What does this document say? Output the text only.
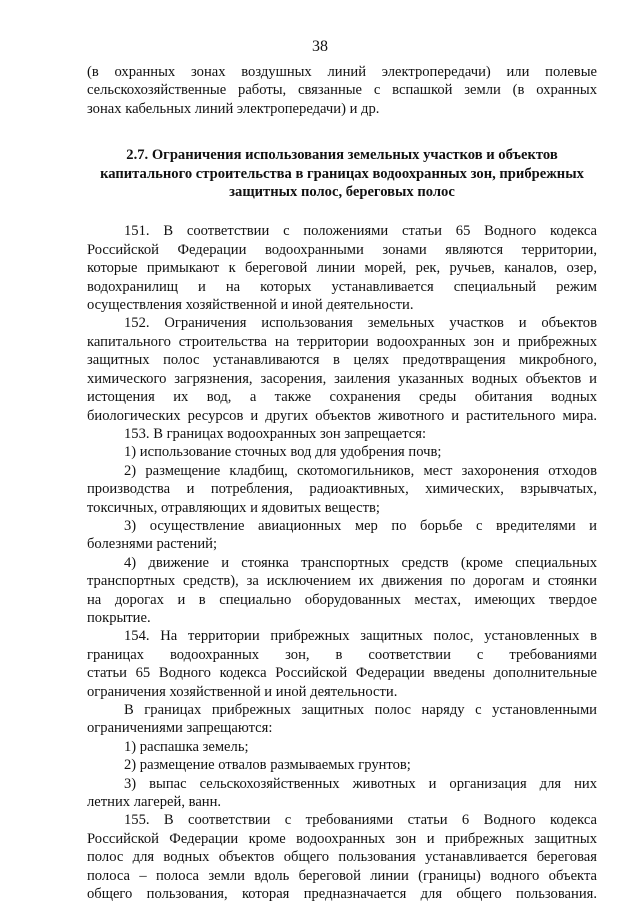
38
(в охранных зонах воздушных линий электропередачи) или полевые
сельскохозяйственные работы, связанные с вспашкой земли (в охранных
зонах кабельных линий электропередачи) и др.
2.7. Ограничения использования земельных участков и объектов
капитального строительства в границах водоохранных зон, прибрежных
защитных полос, береговых полос
151. В соответствии с положениями статьи 65 Водного кодекса
Российской Федерации водоохранными зонами являются территории,
которые примыкают к береговой линии морей, рек, ручьев, каналов, озер,
водохранилищ и на которых устанавливается специальный режим
осуществления хозяйственной и иной деятельности.
152. Ограничения использования земельных участков и объектов
капитального строительства на территории водоохранных зон и прибрежных
защитных полос устанавливаются в целях предотвращения микробного,
химического загрязнения, засорения, заиления указанных водных объектов и
истощения их вод, а также сохранения среды обитания водных
биологических ресурсов и других объектов животного и растительного мира.
153. В границах водоохранных зон запрещается:
1) использование сточных вод для удобрения почв;
2) размещение кладбищ, скотомогильников, мест захоронения отходов
производства и потребления, радиоактивных, химических, взрывчатых,
токсичных, отравляющих и ядовитых веществ;
3) осуществление авиационных мер по борьбе с вредителями и
болезнями растений;
4) движение и стоянка транспортных средств (кроме специальных
транспортных средств), за исключением их движения по дорогам и стоянки
на дорогах и в специально оборудованных местах, имеющих твердое
покрытие.
154. На территории прибрежных защитных полос, установленных в
границах водоохранных зон, в соответствии с требованиями
статьи 65 Водного кодекса Российской Федерации введены дополнительные
ограничения хозяйственной и иной деятельности.
В границах прибрежных защитных полос наряду с установленными
ограничениями запрещаются:
1) распашка земель;
2) размещение отвалов размываемых грунтов;
3) выпас сельскохозяйственных животных и организация для них
летних лагерей, ванн.
155. В соответствии с требованиями статьи 6 Водного кодекса
Российской Федерации кроме водоохранных зон и прибрежных защитных
полос для водных объектов общего пользования устанавливается береговая
полоса – полоса земли вдоль береговой линии (границы) водного объекта
общего пользования, которая предназначается для общего пользования.
